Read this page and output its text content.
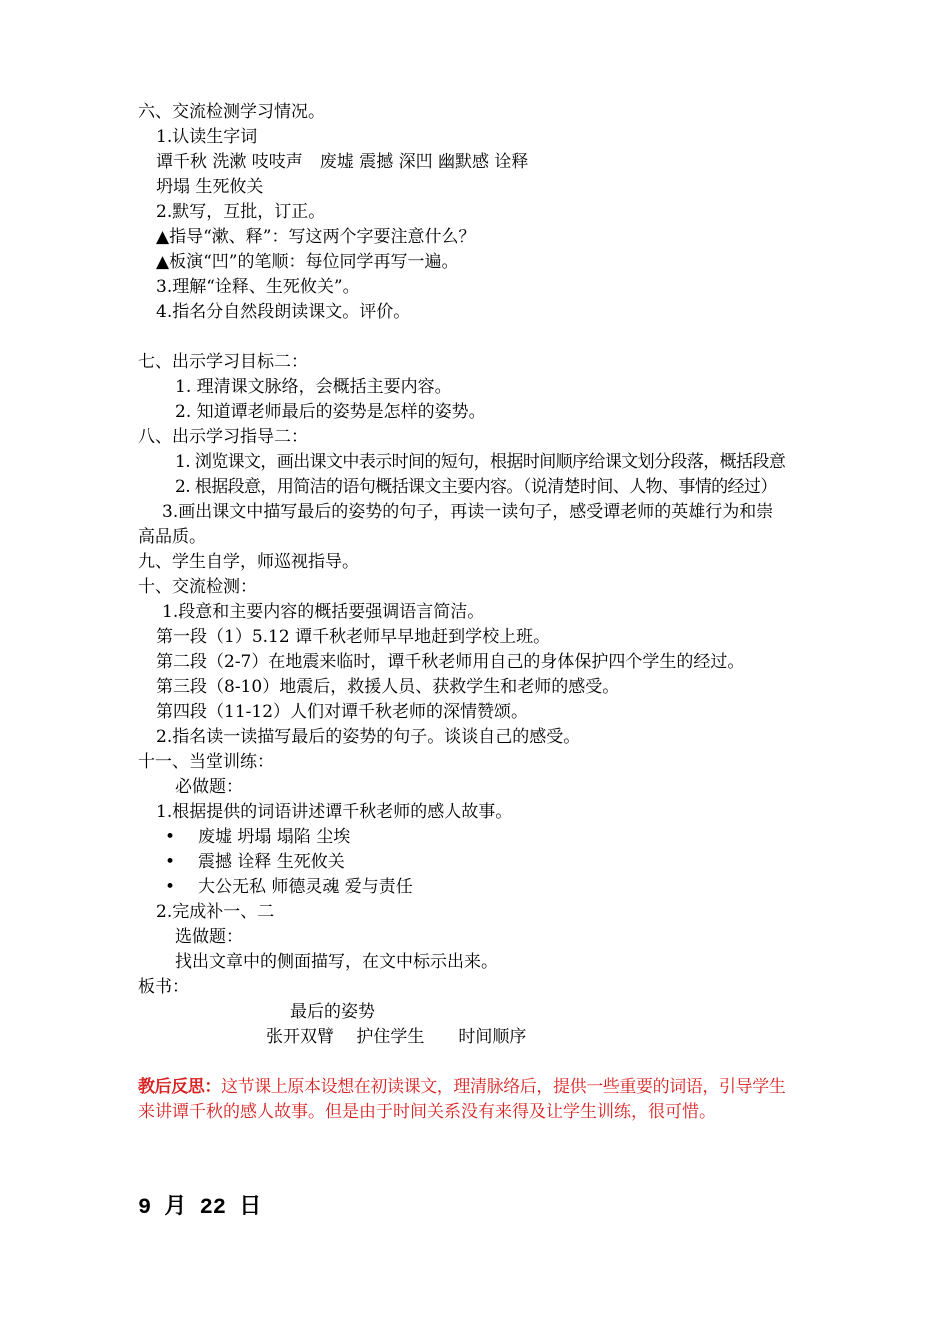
六、交流检测学习情况。
1.认读生字词
谭千秋 洗漱 吱吱声　废墟 震撼 深凹 幽默感 诠释
坍塌 生死攸关
2.默写，互批，订正。
▲指导“漱、释”：写这两个字要注意什么？
▲板演“凹”的笔顺：每位同学再写一遍。
3.理解“诠释、生死攸关”。
4.指名分自然段朗读课文。评价。
七、出示学习目标二：
1. 理清课文脉络，会概括主要内容。
2. 知道谭老师最后的姿势是怎样的姿势。
八、出示学习指导二：
1. 浏览课文，画出课文中表示时间的短句，根据时间顺序给课文划分段落，概括段意
2. 根据段意，用简洁的语句概括课文主要内容。（说清楚时间、人物、事情的经过）
3.画出课文中描写最后的姿势的句子，再读一读句子，感受谭老师的英雄行为和崇
高品质。
九、学生自学，师巡视指导。
十、交流检测：
1.段意和主要内容的概括要强调语言简洁。
第一段（1）5.12 谭千秋老师早早地赶到学校上班。
第二段（2-7）在地震来临时，谭千秋老师用自己的身体保护四个学生的经过。
第三段（8-10）地震后，救援人员、获救学生和老师的感受。
第四段（11-12）人们对谭千秋老师的深情赞颂。
2.指名读一读描写最后的姿势的句子。谈谈自己的感受。
十一、当堂训练：
必做题：
1.根据提供的词语讲述谭千秋老师的感人故事。
• 废墟 坍塌 塌陷 尘埃
• 震撼 诠释 生死攸关
• 大公无私 师德灵魂 爱与责任
2.完成补一、二
选做题：
找出文章中的侧面描写，在文中标示出来。
板书：
最后的姿势
张开双臂　 护住学生　　时间顺序
教后反思：这节课上原本设想在初读课文，理清脉络后，提供一些重要的词语，引导学生
来讲谭千秋的感人故事。但是由于时间关系没有来得及让学生训练，很可惜。
9 月 22 日
